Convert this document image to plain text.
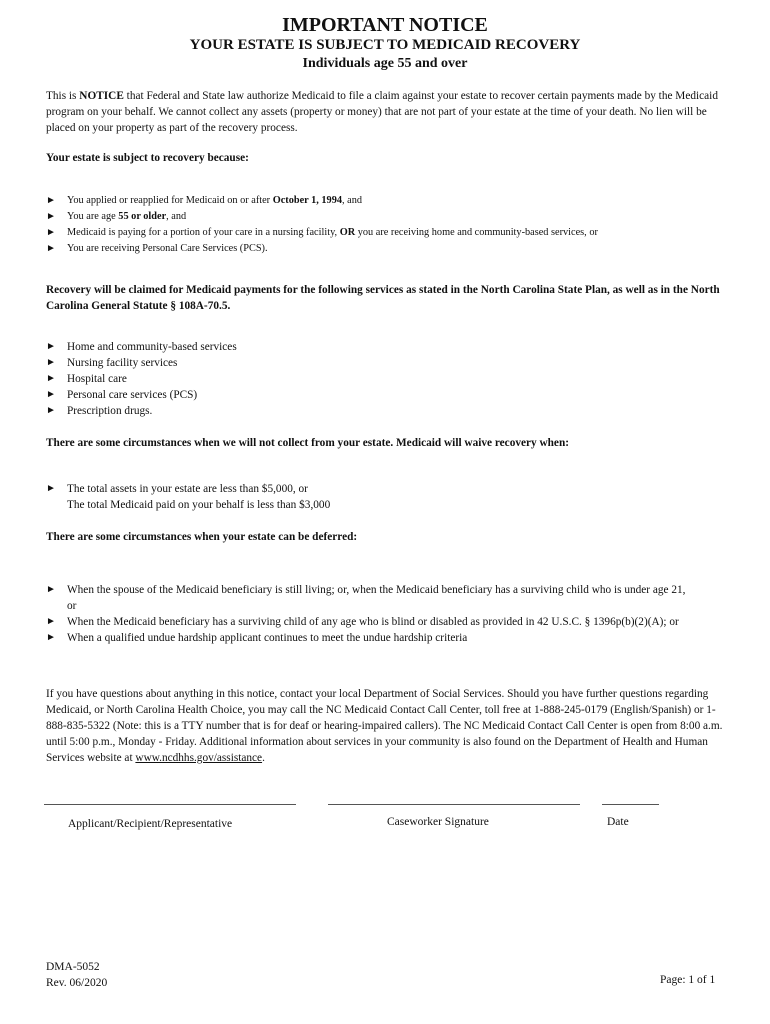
IMPORTANT NOTICE
YOUR ESTATE IS SUBJECT TO MEDICAID RECOVERY
Individuals age 55 and over

This is NOTICE that Federal and State law authorize Medicaid to file a claim against your estate to recover certain payments made by the Medicaid program on your behalf. We cannot collect any assets (property or money) that are not part of your estate at the time of your death. No lien will be placed on your property as part of the recovery process.

Your estate is subject to recovery because:

► You applied or reapplied for Medicaid on or after October 1, 1994, and
► You are age 55 or older, and
► Medicaid is paying for a portion of your care in a nursing facility, OR you are receiving home and community-based services, or
► You are receiving Personal Care Services (PCS).

Recovery will be claimed for Medicaid payments for the following services as stated in the North Carolina State Plan, as well as in the North Carolina General Statute § 108A-70.5.

► Home and community-based services
► Nursing facility services
► Hospital care
► Personal care services (PCS)
► Prescription drugs.

There are some circumstances when we will not collect from your estate. Medicaid will waive recovery when:

► The total assets in your estate are less than $5,000, or
The total Medicaid paid on your behalf is less than $3,000

There are some circumstances when your estate can be deferred:

► When the spouse of the Medicaid beneficiary is still living; or, when the Medicaid beneficiary has a surviving child who is under age 21, or
► When the Medicaid beneficiary has a surviving child of any age who is blind or disabled as provided in 42 U.S.C. § 1396p(b)(2)(A); or
► When a qualified undue hardship applicant continues to meet the undue hardship criteria

If you have questions about anything in this notice, contact your local Department of Social Services. Should you have further questions regarding Medicaid, or North Carolina Health Choice, you may call the NC Medicaid Contact Call Center, toll free at 1-888-245-0179 (English/Spanish) or 1-888-835-5322 (Note: this is a TTY number that is for deaf or hearing-impaired callers). The NC Medicaid Contact Call Center is open from 8:00 a.m. until 5:00 p.m., Monday - Friday. Additional information about services in your community is also found on the Department of Health and Human Services website at www.ncdhhs.gov/assistance.

Applicant/Recipient/Representative	Caseworker Signature	Date
DMA-5052
Rev. 06/2020	Page: 1 of 1
